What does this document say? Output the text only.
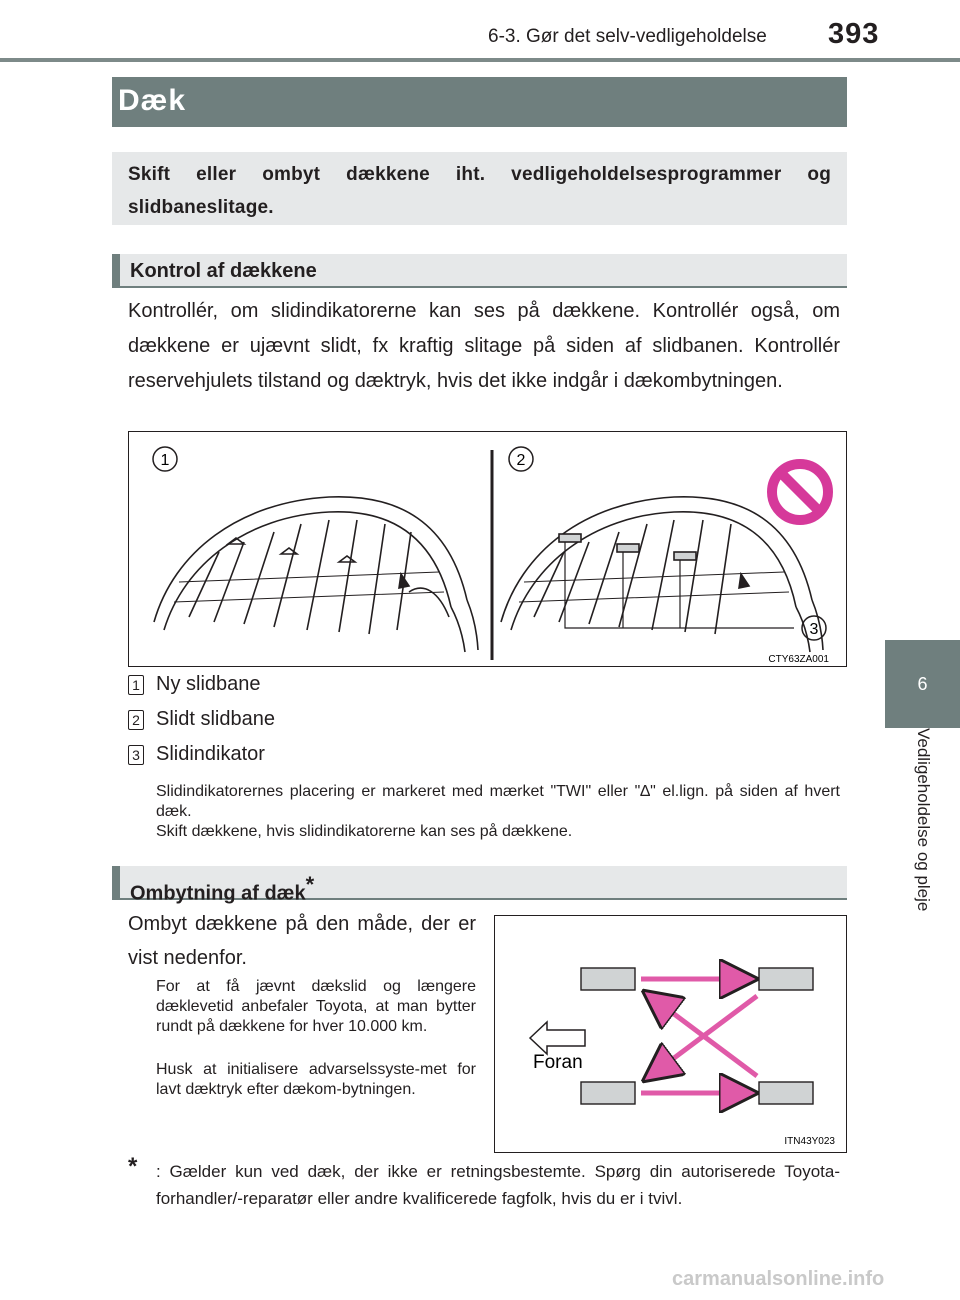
6-3. Gør det selv-vedligeholdelse 393
6
Vedligeholdelse og pleje
Dæk
Skift eller ombyt dækkene iht. vedligeholdelsesprogrammer og slidbaneslitage.
Kontrol af dækkene
Kontrollér, om slidindikatorerne kan ses på dækkene. Kontrollér også, om dækkene er ujævnt slidt, fx kraftig slitage på siden af slidbanen. Kontrollér reservehjulets tilstand og dæktryk, hvis det ikke indgår i dækombytningen.
1	2
3
CTY63ZA001
1 Ny slidbane
2 Slidt slidbane
3 Slidindikator
Slidindikatorernes placering er markeret med mærket "TWI" eller "∆" el.lign. på siden af hvert dæk.
Skift dækkene, hvis slidindikatorerne kan ses på dækkene.
Ombytning af dæk*
Ombyt dækkene på den måde, der er vist nedenfor.
For at få jævnt dækslid og længere dæklevetid anbefaler Toyota, at man bytter rundt på dækkene for hver 10.000 km.
Husk at initialisere advarselssyste-met for lavt dæktryk efter dækom-bytningen.
Foran
ITN43Y023
* : Gælder kun ved dæk, der ikke er retningsbestemte. Spørg din autoriserede Toyota-forhandler/-reparatør eller andre kvalificerede fagfolk, hvis du er i tvivl.
carmanualsonline.info
